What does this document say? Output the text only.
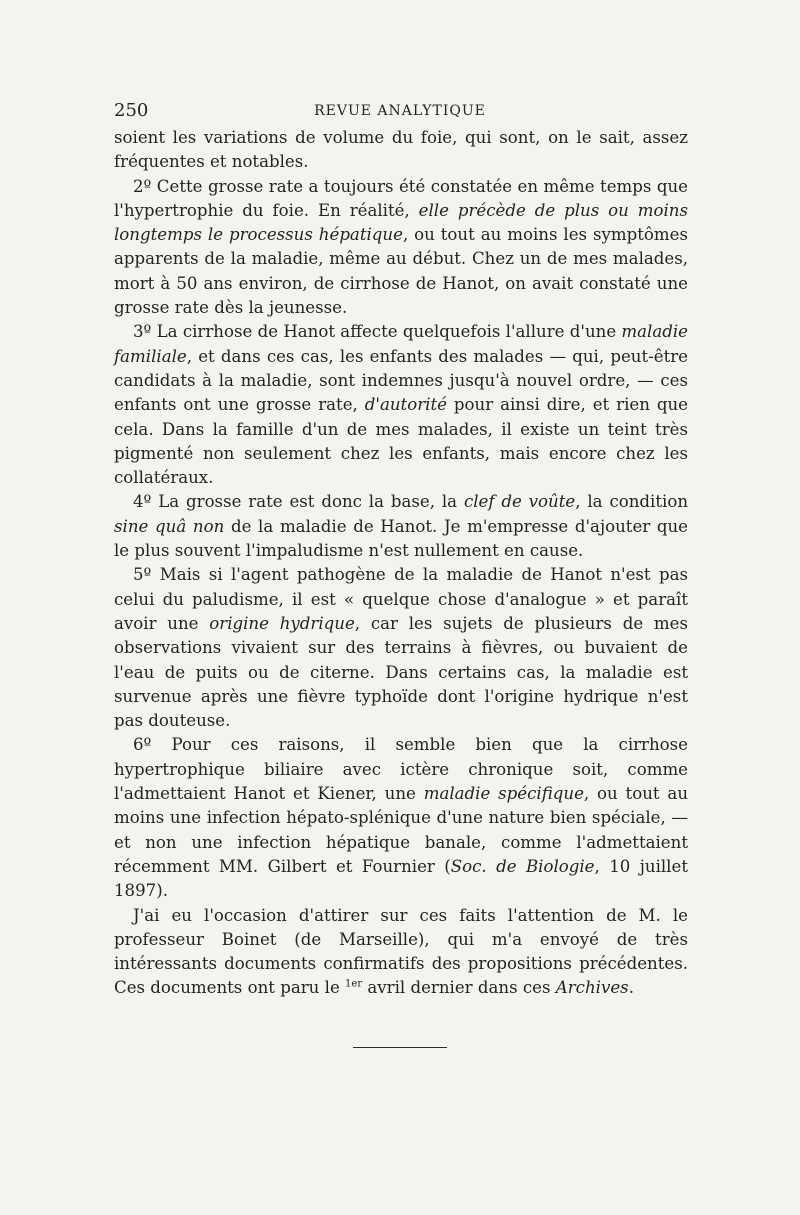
250	REVUE ANALYTIQUE

soient les variations de volume du foie, qui sont, on le sait, assez fréquentes et notables.

2º Cette grosse rate a toujours été constatée en même temps que l'hypertrophie du foie. En réalité, elle précède de plus ou moins longtemps le processus hépatique, ou tout au moins les symptômes apparents de la maladie, même au début. Chez un de mes malades, mort à 50 ans environ, de cirrhose de Hanot, on avait constaté une grosse rate dès la jeunesse.

3º La cirrhose de Hanot affecte quelquefois l'allure d'une maladie familiale, et dans ces cas, les enfants des malades — qui, peut-être candidats à la maladie, sont indemnes jusqu'à nouvel ordre, — ces enfants ont une grosse rate, d'autorité pour ainsi dire, et rien que cela. Dans la famille d'un de mes malades, il existe un teint très pigmenté non seulement chez les enfants, mais encore chez les collatéraux.

4º La grosse rate est donc la base, la clef de voûte, la condition sine quâ non de la maladie de Hanot. Je m'empresse d'ajouter que le plus souvent l'impaludisme n'est nullement en cause.

5º Mais si l'agent pathogène de la maladie de Hanot n'est pas celui du paludisme, il est « quelque chose d'analogue » et paraît avoir une origine hydrique, car les sujets de plusieurs de mes observations vivaient sur des terrains à fièvres, ou buvaient de l'eau de puits ou de citerne. Dans certains cas, la maladie est survenue après une fièvre typhoïde dont l'origine hydrique n'est pas douteuse.

6º Pour ces raisons, il semble bien que la cirrhose hypertrophique biliaire avec ictère chronique soit, comme l'admettaient Hanot et Kiener, une maladie spécifique, ou tout au moins une infection hépato-splénique d'une nature bien spéciale, — et non une infection hépatique banale, comme l'admettaient récemment MM. Gilbert et Fournier (Soc. de Biologie, 10 juillet 1897).

J'ai eu l'occasion d'attirer sur ces faits l'attention de M. le professeur Boinet (de Marseille), qui m'a envoyé de très intéressants documents confirmatifs des propositions précédentes. Ces documents ont paru le $^{1er}$ avril dernier dans ces Archives.
